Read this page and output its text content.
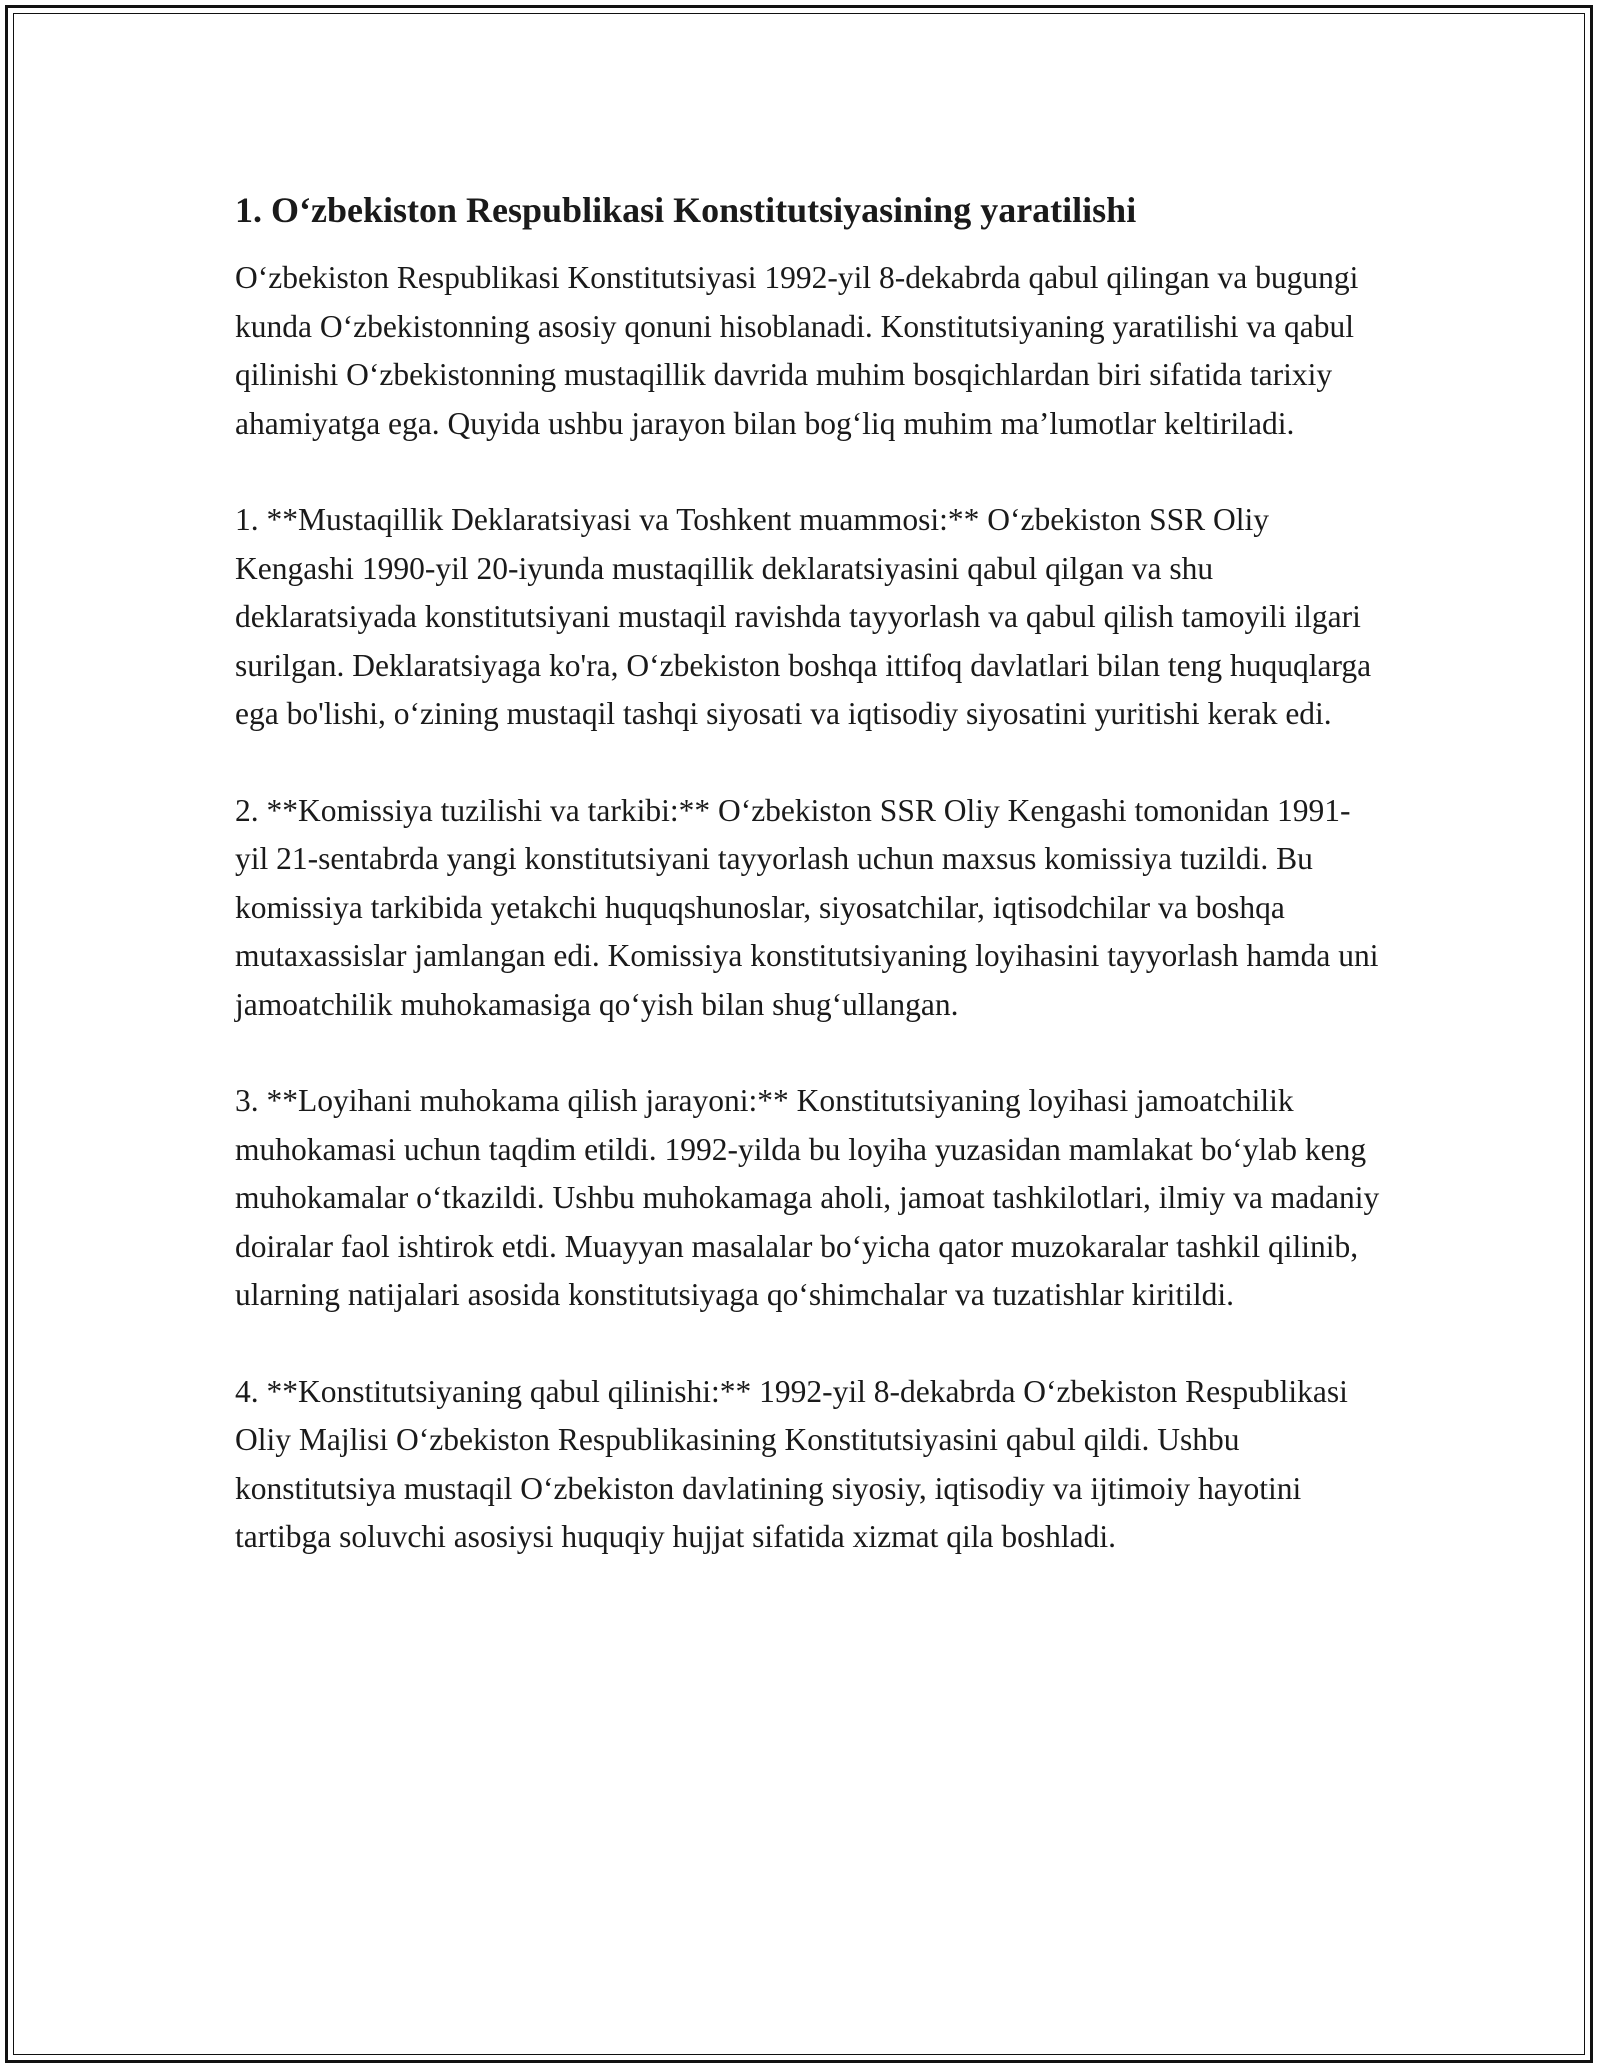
1. O‘zbekiston Respublikasi Konstitutsiyasining yaratilishi

O‘zbekiston Respublikasi Konstitutsiyasi 1992-yil 8-dekabrda qabul qilingan va bugungi kunda O‘zbekistonning asosiy qonuni hisoblanadi. Konstitutsiyaning yaratilishi va qabul qilinishi O‘zbekistonning mustaqillik davrida muhim bosqichlardan biri sifatida tarixiy ahamiyatga ega. Quyida ushbu jarayon bilan bog‘liq muhim ma’lumotlar keltiriladi.

1. **Mustaqillik Deklaratsiyasi va Toshkent muammosi:** O‘zbekiston SSR Oliy Kengashi 1990-yil 20-iyunda mustaqillik deklaratsiyasini qabul qilgan va shu deklaratsiyada konstitutsiyani mustaqil ravishda tayyorlash va qabul qilish tamoyili ilgari surilgan. Deklaratsiyaga ko'ra, O‘zbekiston boshqa ittifoq davlatlari bilan teng huquqlarga ega bo'lishi, o‘zining mustaqil tashqi siyosati va iqtisodiy siyosatini yuritishi kerak edi.

2. **Komissiya tuzilishi va tarkibi:** O‘zbekiston SSR Oliy Kengashi tomonidan 1991-yil 21-sentabrda yangi konstitutsiyani tayyorlash uchun maxsus komissiya tuzildi. Bu komissiya tarkibida yetakchi huquqshunoslar, siyosatchilar, iqtisodchilar va boshqa mutaxassislar jamlangan edi. Komissiya konstitutsiyaning loyihasini tayyorlash hamda uni jamoatchilik muhokamasiga qo‘yish bilan shug‘ullangan.

3. **Loyihani muhokama qilish jarayoni:** Konstitutsiyaning loyihasi jamoatchilik muhokamasi uchun taqdim etildi. 1992-yilda bu loyiha yuzasidan mamlakat bo‘ylab keng muhokamalar o‘tkazildi. Ushbu muhokamaga aholi, jamoat tashkilotlari, ilmiy va madaniy doiralar faol ishtirok etdi. Muayyan masalalar bo‘yicha qator muzokaralar tashkil qilinib, ularning natijalari asosida konstitutsiyaga qo‘shimchalar va tuzatishlar kiritildi.

4. **Konstitutsiyaning qabul qilinishi:** 1992-yil 8-dekabrda O‘zbekiston Respublikasi Oliy Majlisi O‘zbekiston Respublikasining Konstitutsiyasini qabul qildi. Ushbu konstitutsiya mustaqil O‘zbekiston davlatining siyosiy, iqtisodiy va ijtimoiy hayotini tartibga soluvchi asosiysi huquqiy hujjat sifatida xizmat qila boshladi.
